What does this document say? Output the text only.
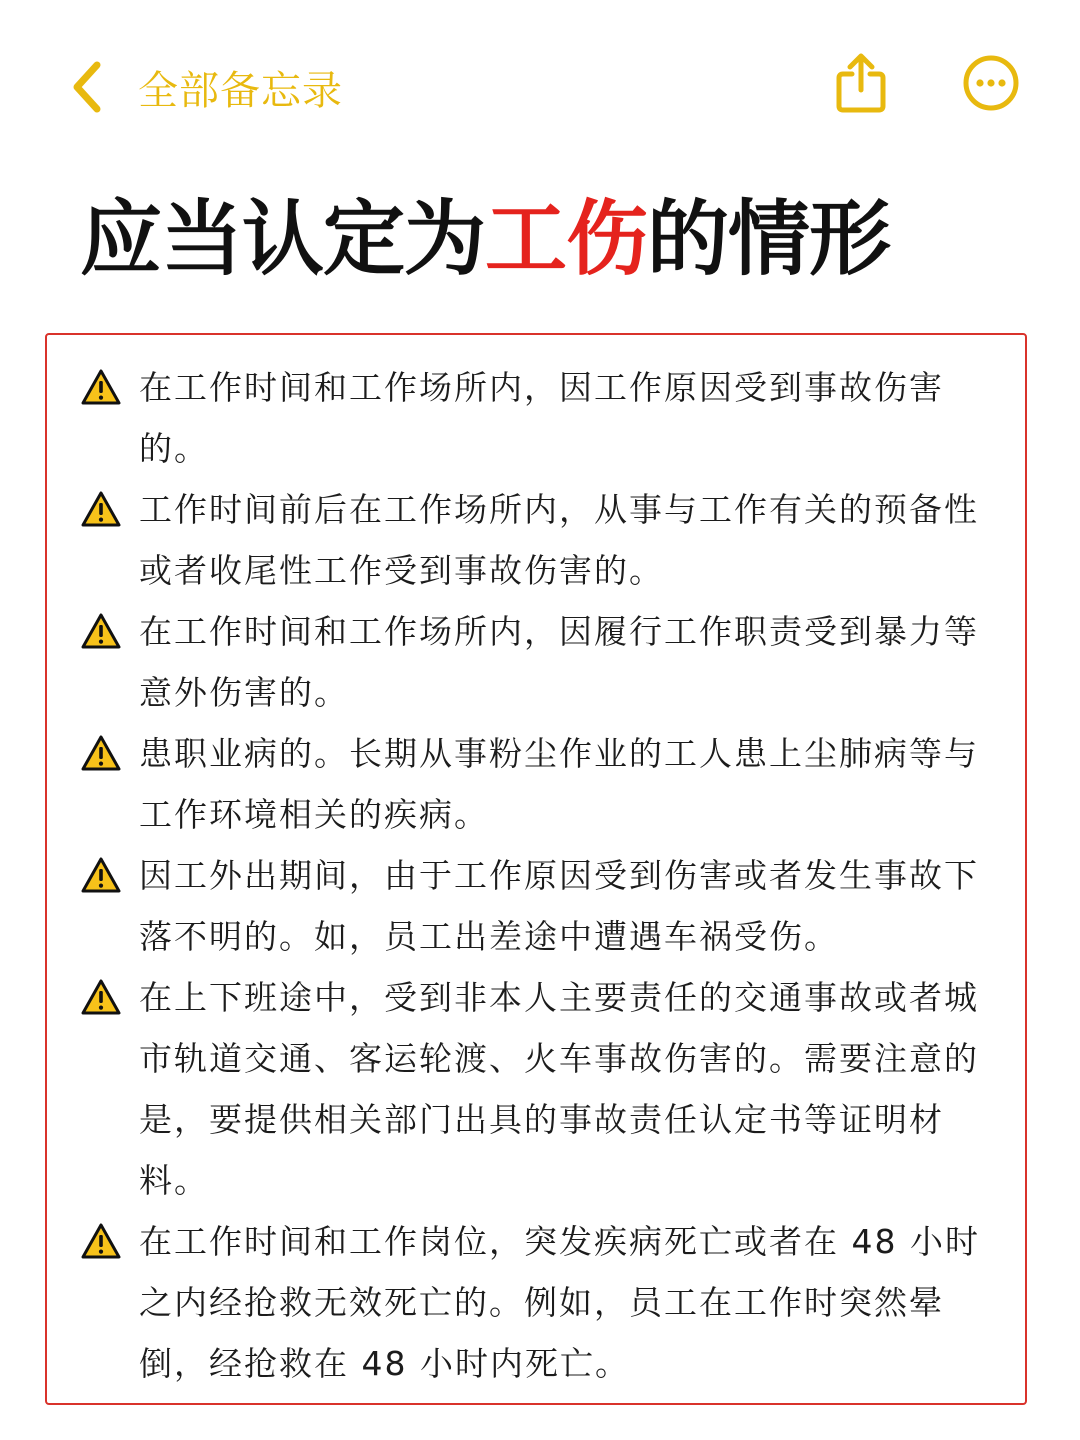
全部备忘录
应当认定为工伤的情形
在工作时间和工作场所内，因工作原因受到事故伤害的。
工作时间前后在工作场所内，从事与工作有关的预备性或者收尾性工作受到事故伤害的。
在工作时间和工作场所内，因履行工作职责受到暴力等意外伤害的。
患职业病的。长期从事粉尘作业的工人患上尘肺病等与工作环境相关的疾病。
因工外出期间，由于工作原因受到伤害或者发生事故下落不明的。如，员工出差途中遭遇车祸受伤。
在上下班途中，受到非本人主要责任的交通事故或者城市轨道交通、客运轮渡、火车事故伤害的。需要注意的是，要提供相关部门出具的事故责任认定书等证明材料。
在工作时间和工作岗位，突发疾病死亡或者在 48 小时之内经抢救无效死亡的。例如，员工在工作时突然晕倒，经抢救在 48 小时内死亡。
